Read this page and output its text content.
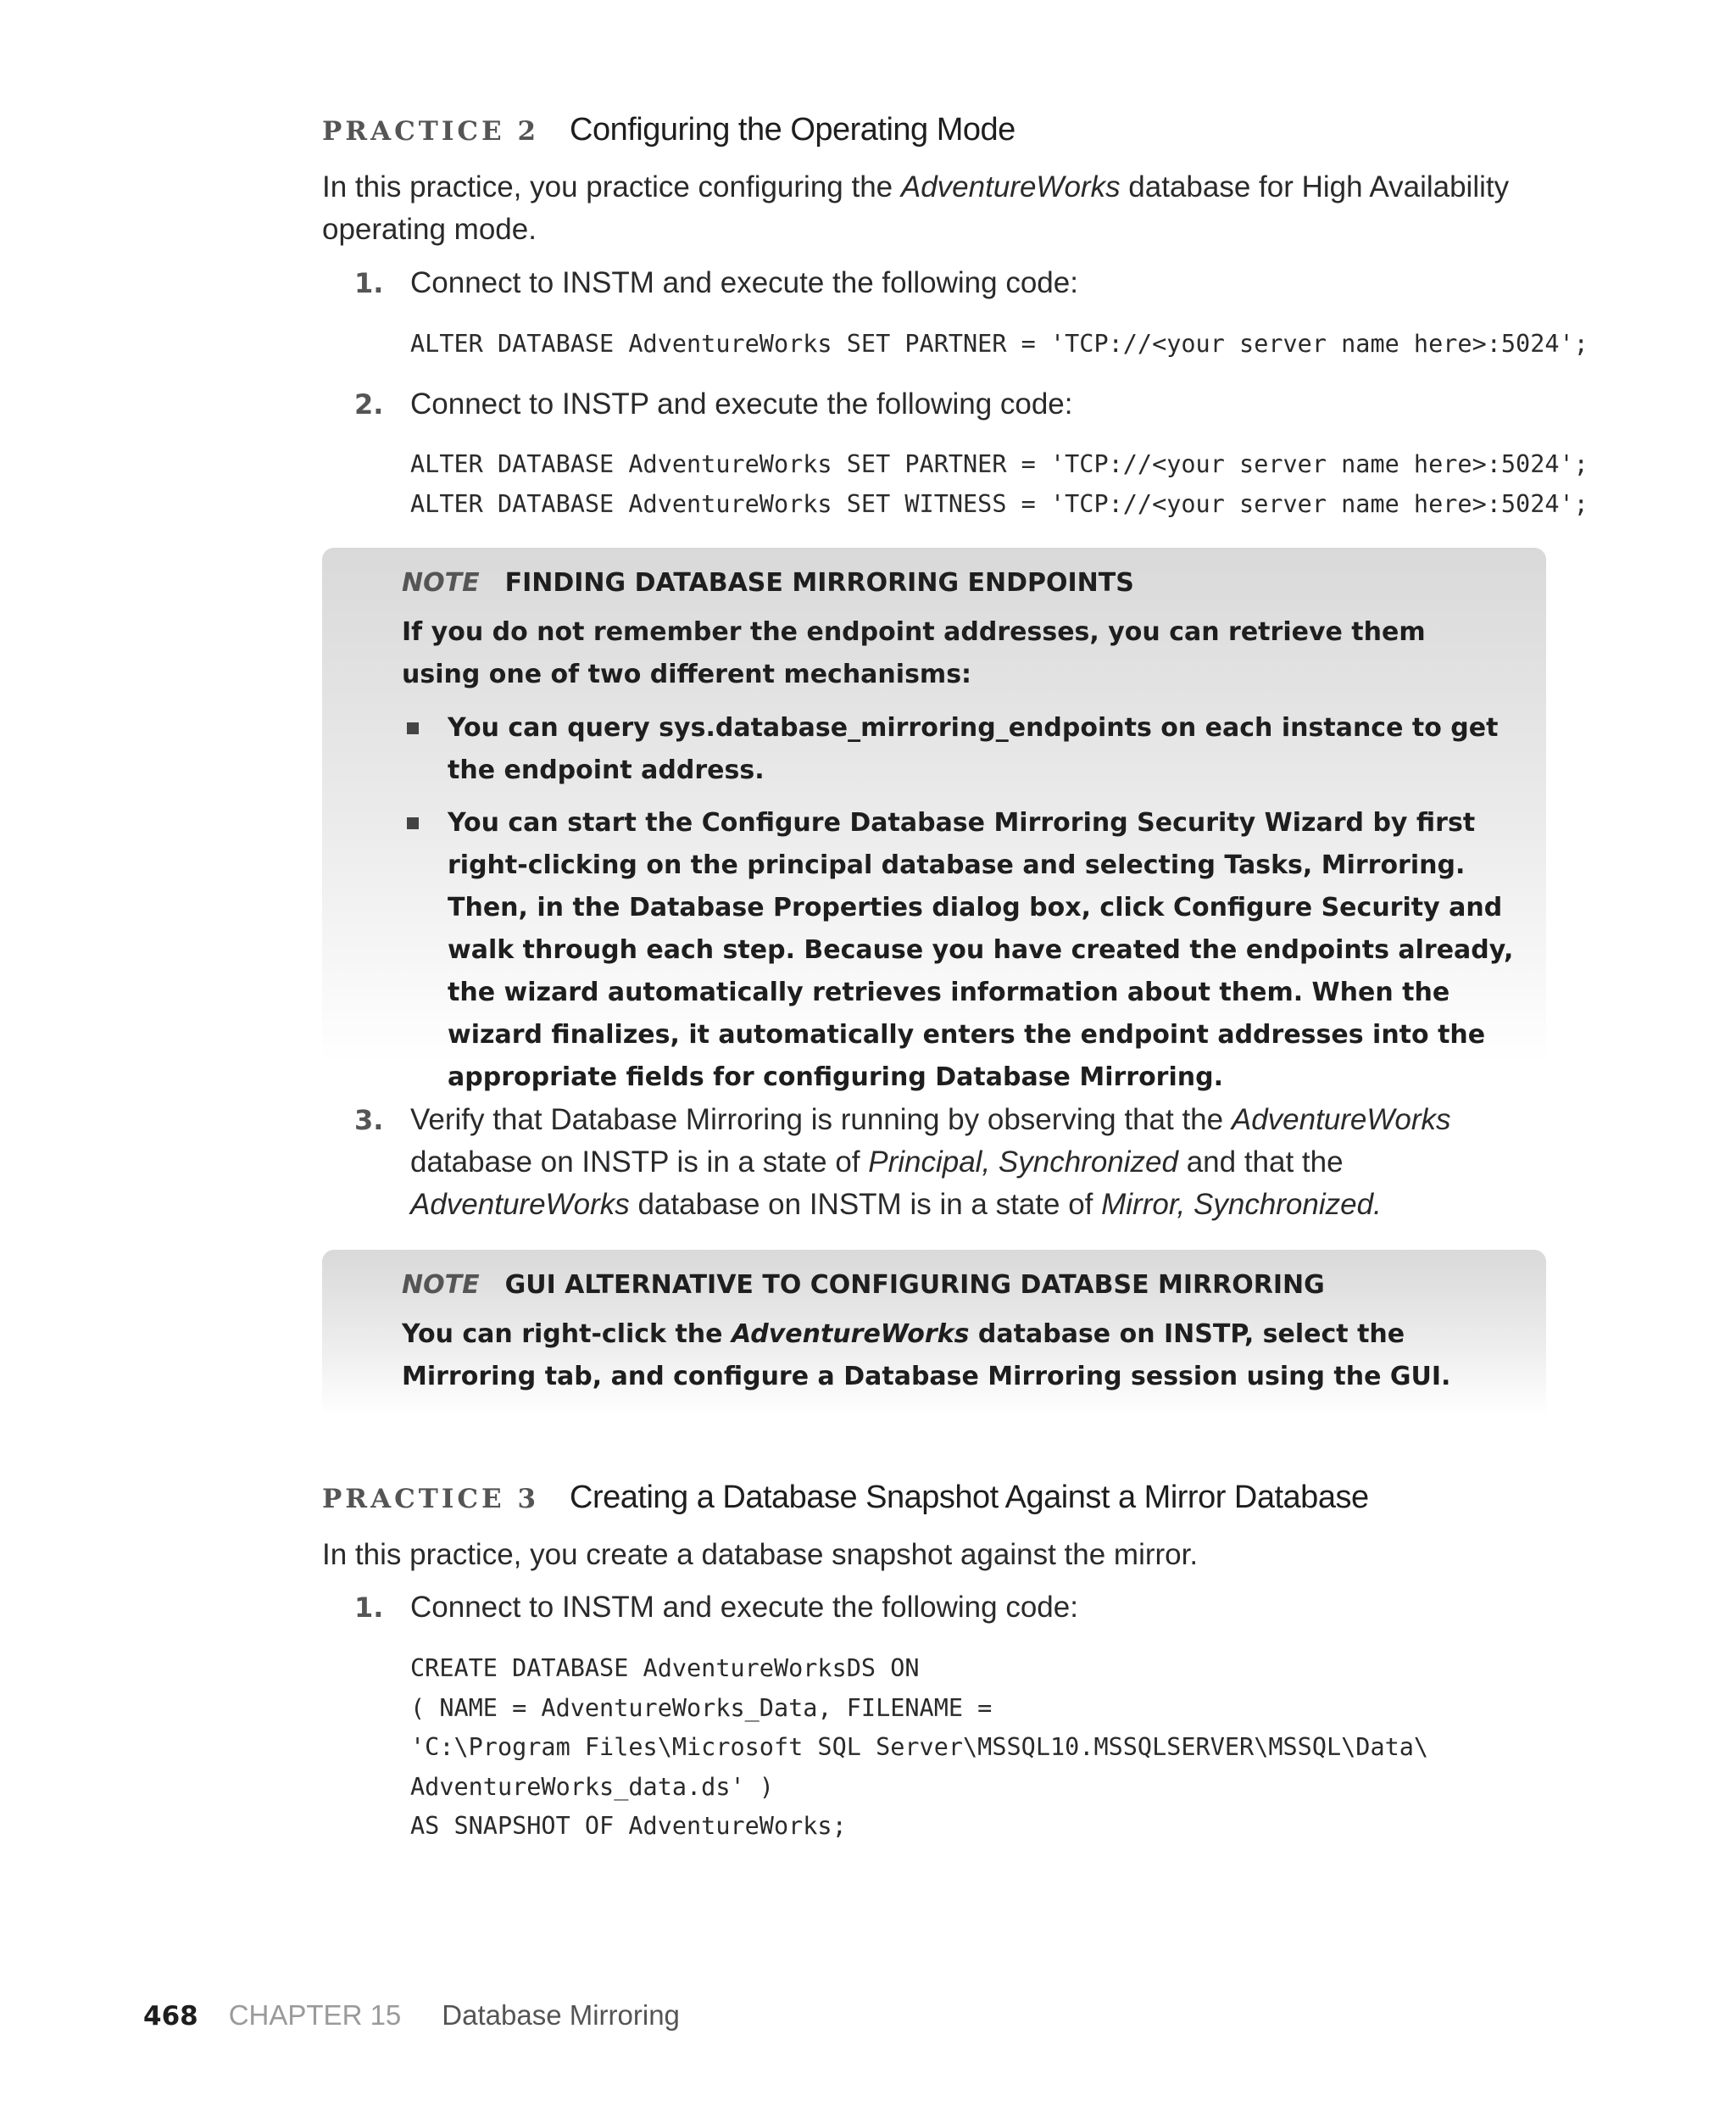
PRACTICE 2 Configuring the Operating Mode
In this practice, you practice configuring the AdventureWorks database for High Availability operating mode.
1. Connect to INSTM and execute the following code:
ALTER DATABASE AdventureWorks SET PARTNER = 'TCP://<your server name here>:5024';
2. Connect to INSTP and execute the following code:
ALTER DATABASE AdventureWorks SET PARTNER = 'TCP://<your server name here>:5024';
ALTER DATABASE AdventureWorks SET WITNESS = 'TCP://<your server name here>:5024';
NOTE FINDING DATABASE MIRRORING ENDPOINTS
If you do not remember the endpoint addresses, you can retrieve them using one of two different mechanisms:
You can query sys.database_mirroring_endpoints on each instance to get the endpoint address.
You can start the Configure Database Mirroring Security Wizard by first right-clicking on the principal database and selecting Tasks, Mirroring. Then, in the Database Properties dialog box, click Configure Security and walk through each step. Because you have created the endpoints already, the wizard automatically retrieves information about them. When the wizard finalizes, it automatically enters the endpoint addresses into the appropriate fields for configuring Database Mirroring.
3. Verify that Database Mirroring is running by observing that the AdventureWorks database on INSTP is in a state of Principal, Synchronized and that the AdventureWorks database on INSTM is in a state of Mirror, Synchronized.
NOTE GUI ALTERNATIVE TO CONFIGURING DATABSE MIRRORING
You can right-click the AdventureWorks database on INSTP, select the Mirroring tab, and configure a Database Mirroring session using the GUI.
PRACTICE 3 Creating a Database Snapshot Against a Mirror Database
In this practice, you create a database snapshot against the mirror.
1. Connect to INSTM and execute the following code:
CREATE DATABASE AdventureWorksDS ON
( NAME = AdventureWorks_Data, FILENAME =
'C:\Program Files\Microsoft SQL Server\MSSQL10.MSSQLSERVER\MSSQL\Data\
AdventureWorks_data.ds' )
AS SNAPSHOT OF AdventureWorks;
468 CHAPTER 15 Database Mirroring
